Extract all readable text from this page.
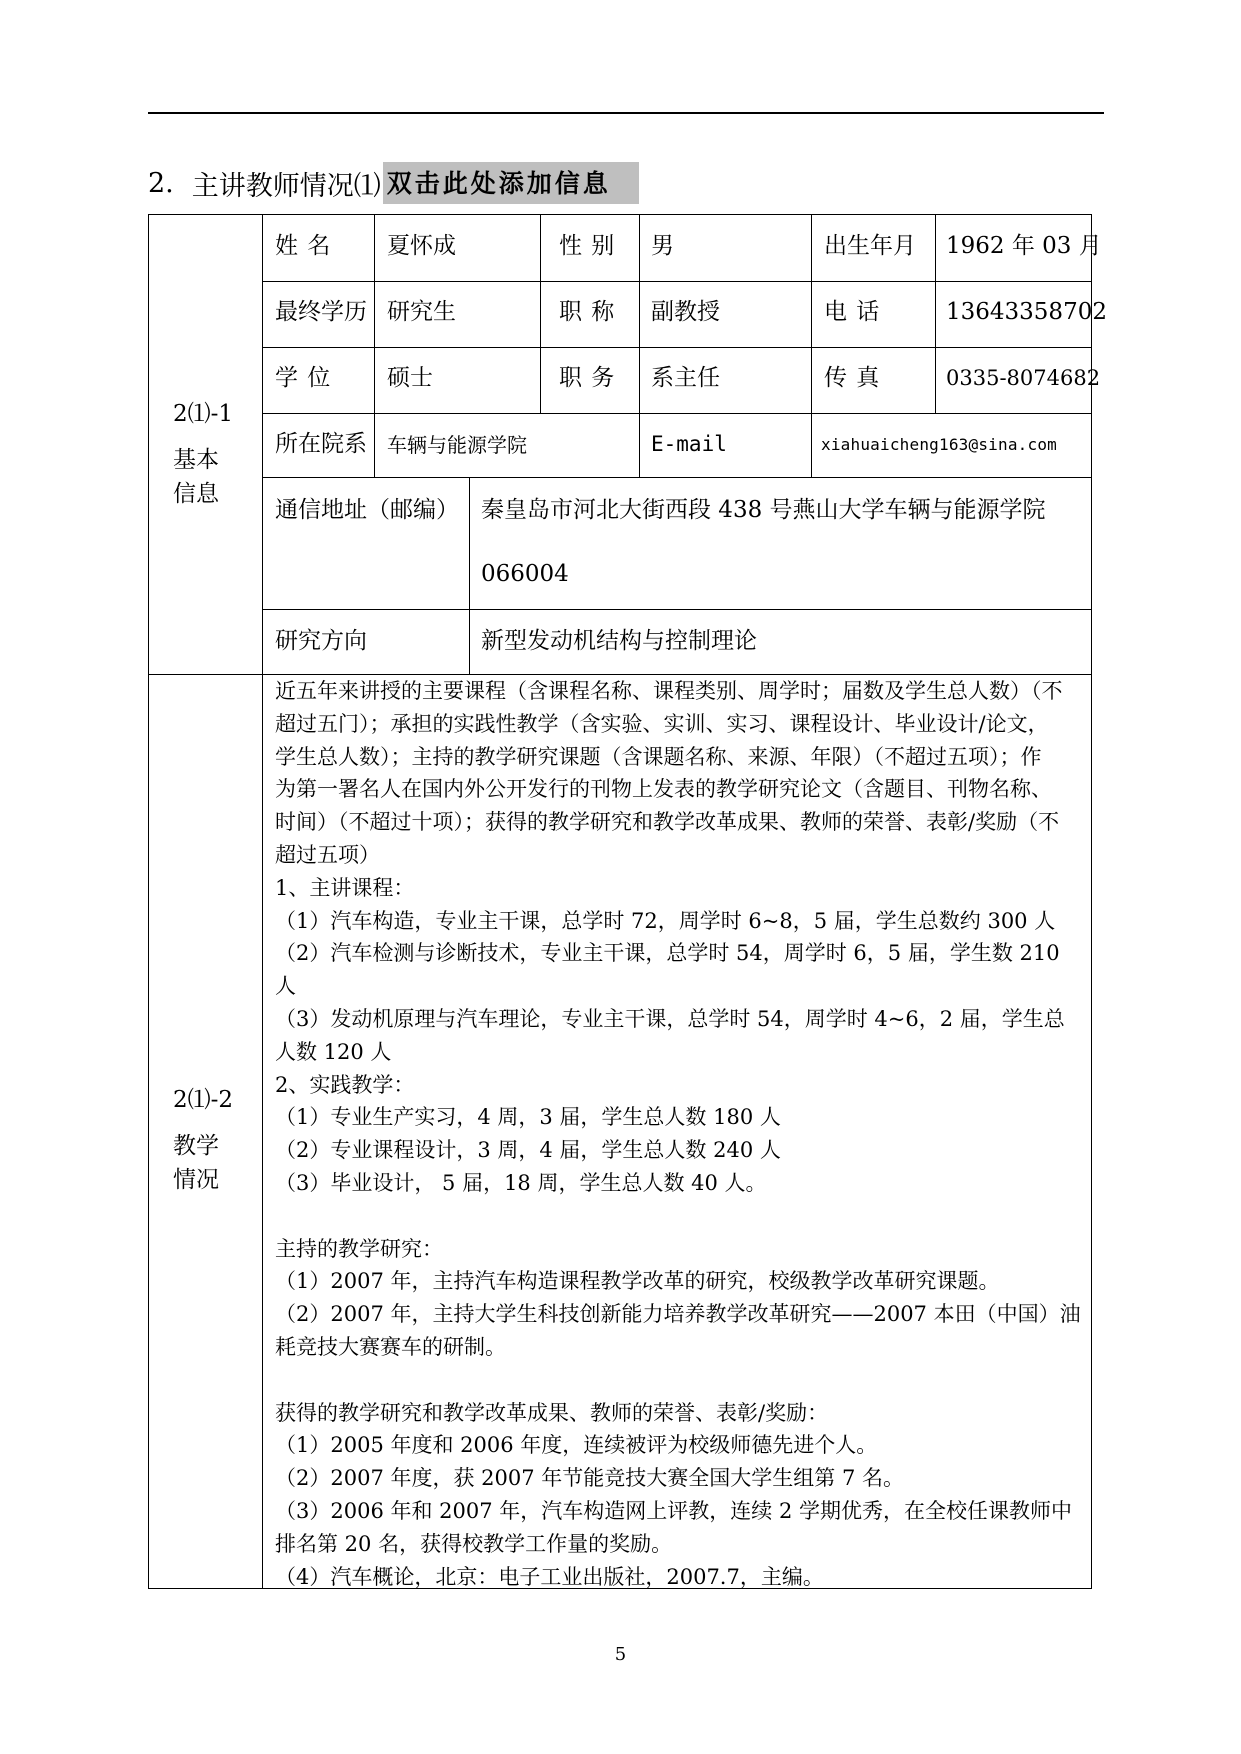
2. 主讲教师情况⑴ 双击此处添加信息
2⑴-1
基本
信息
姓 名 夏怀成	性 别 男	出生年月 1962 年 03 月
最终学历 研究生	职 称 副教授	电 话	13643358702
学 位 硕士	职 务 系主任	传 真	0335-8074682
所在院系 车辆与能源学院	E-mail	xiahuaicheng163@sina.com
通信地址（邮编） 秦皇岛市河北大街西段 438 号燕山大学车辆与能源学院
066004
研究方向	新型发动机结构与控制理论
2⑴-2
教学
情况

近五年来讲授的主要课程（含课程名称、课程类别、周学时；届数及学生总人数）（不

超过五门）；承担的实践性教学（含实验、实训、实习、课程设计、毕业设计/论文，

学生总人数）；主持的教学研究课题（含课题名称、来源、年限）（不超过五项）；作

为第一署名人在国内外公开发行的刊物上发表的教学研究论文（含题目、刊物名称、

时间）（不超过十项）；获得的教学研究和教学改革成果、教师的荣誉、表彰/奖励（不

超过五项）

1、主讲课程：

（1）汽车构造，专业主干课，总学时 72，周学时 6~8，5 届，学生总数约 300 人

（2）汽车检测与诊断技术，专业主干课，总学时 54，周学时 6，5 届，学生数 210

人

（3）发动机原理与汽车理论，专业主干课，总学时 54，周学时 4~6，2 届，学生总

人数 120 人

2、实践教学：

（1）专业生产实习，4 周，3 届，学生总人数 180 人

（2）专业课程设计，3 周，4 届，学生总人数 240 人

（3）毕业设计， 5 届，18 周，学生总人数 40 人。

主持的教学研究：

（1）2007 年，主持汽车构造课程教学改革的研究，校级教学改革研究课题。

（2）2007 年，主持大学生科技创新能力培养教学改革研究——2007 本田（中国）油

耗竞技大赛赛车的研制。

获得的教学研究和教学改革成果、教师的荣誉、表彰/奖励：

（1）2005 年度和 2006 年度，连续被评为校级师德先进个人。

（2）2007 年度，获 2007 年节能竞技大赛全国大学生组第 7 名。

（3）2006 年和 2007 年，汽车构造网上评教，连续 2 学期优秀，在全校任课教师中

排名第 20 名，获得校教学工作量的奖励。

（4）汽车概论，北京：电子工业出版社，2007.7，主编。

5
